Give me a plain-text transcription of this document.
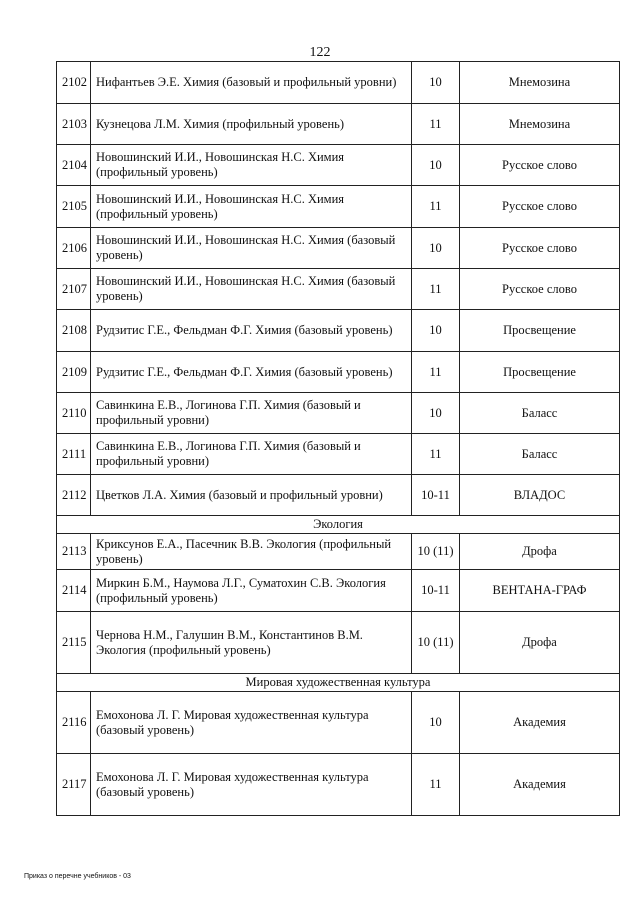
122
2102	Нифантьев Э.Е. Химия (базовый и профильный уровни)	10	Мнемозина
2103	Кузнецова Л.М. Химия (профильный уровень)	11	Мнемозина
2104	Новошинский И.И., Новошинская Н.С. Химия (профильный уровень)	10	Русское слово
2105	Новошинский И.И., Новошинская Н.С. Химия (профильный уровень)	11	Русское слово
2106	Новошинский И.И., Новошинская Н.С. Химия (базовый уровень)	10	Русское слово
2107	Новошинский И.И., Новошинская Н.С. Химия (базовый уровень)	11	Русское слово
2108	Рудзитис Г.Е., Фельдман Ф.Г. Химия (базовый уровень)	10	Просвещение
2109	Рудзитис Г.Е., Фельдман Ф.Г. Химия (базовый уровень)	11	Просвещение
2110	Савинкина Е.В., Логинова Г.П. Химия (базовый и профильный уровни)	10	Баласс
2111	Савинкина Е.В., Логинова Г.П. Химия (базовый и профильный уровни)	11	Баласс
2112	Цветков Л.А. Химия (базовый и профильный уровни)	10-11	ВЛАДОС
Экология			
2113	Криксунов Е.А., Пасечник В.В. Экология (профильный уровень)	10 (11)	Дрофа
2114	Миркин Б.М., Наумова Л.Г., Суматохин С.В. Экология (профильный уровень)	10-11	ВЕНТАНА-ГРАФ
2115	Чернова Н.М., Галушин В.М., Константинов В.М. Экология (профильный уровень)	10 (11)	Дрофа
Мировая художественная культура			
2116	Емохонова Л. Г. Мировая художественная культура (базовый уровень)	10	Академия
2117	Емохонова Л. Г. Мировая художественная культура (базовый уровень)	11	Академия
Приказ о перечне учебников - 03
